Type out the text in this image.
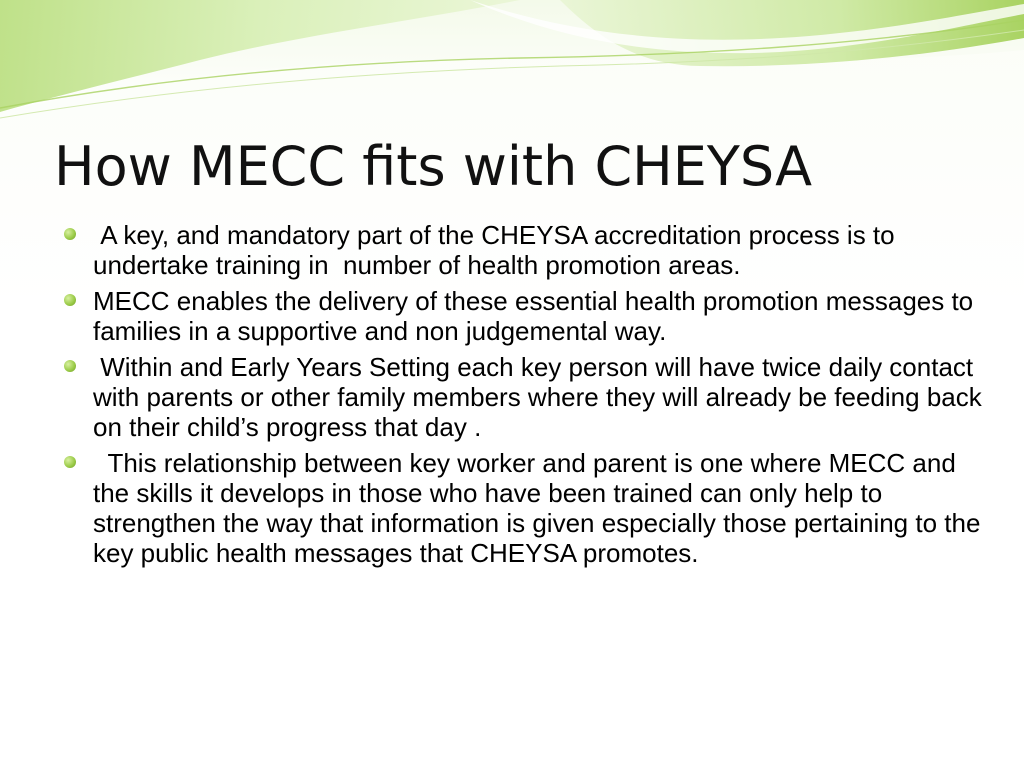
How MECC fits with CHEYSA
A key, and mandatory part of the CHEYSA accreditation process is to undertake training in  number of health promotion areas.
MECC enables the delivery of these essential health promotion messages to families in a supportive and non judgemental way.
Within and Early Years Setting each key person will have twice daily contact with parents or other family members where they will already be feeding back on their child’s progress that day .
This relationship between key worker and parent is one where MECC and the skills it develops in those who have been trained can only help to strengthen the way that information is given especially those pertaining to the key public health messages that CHEYSA promotes.
